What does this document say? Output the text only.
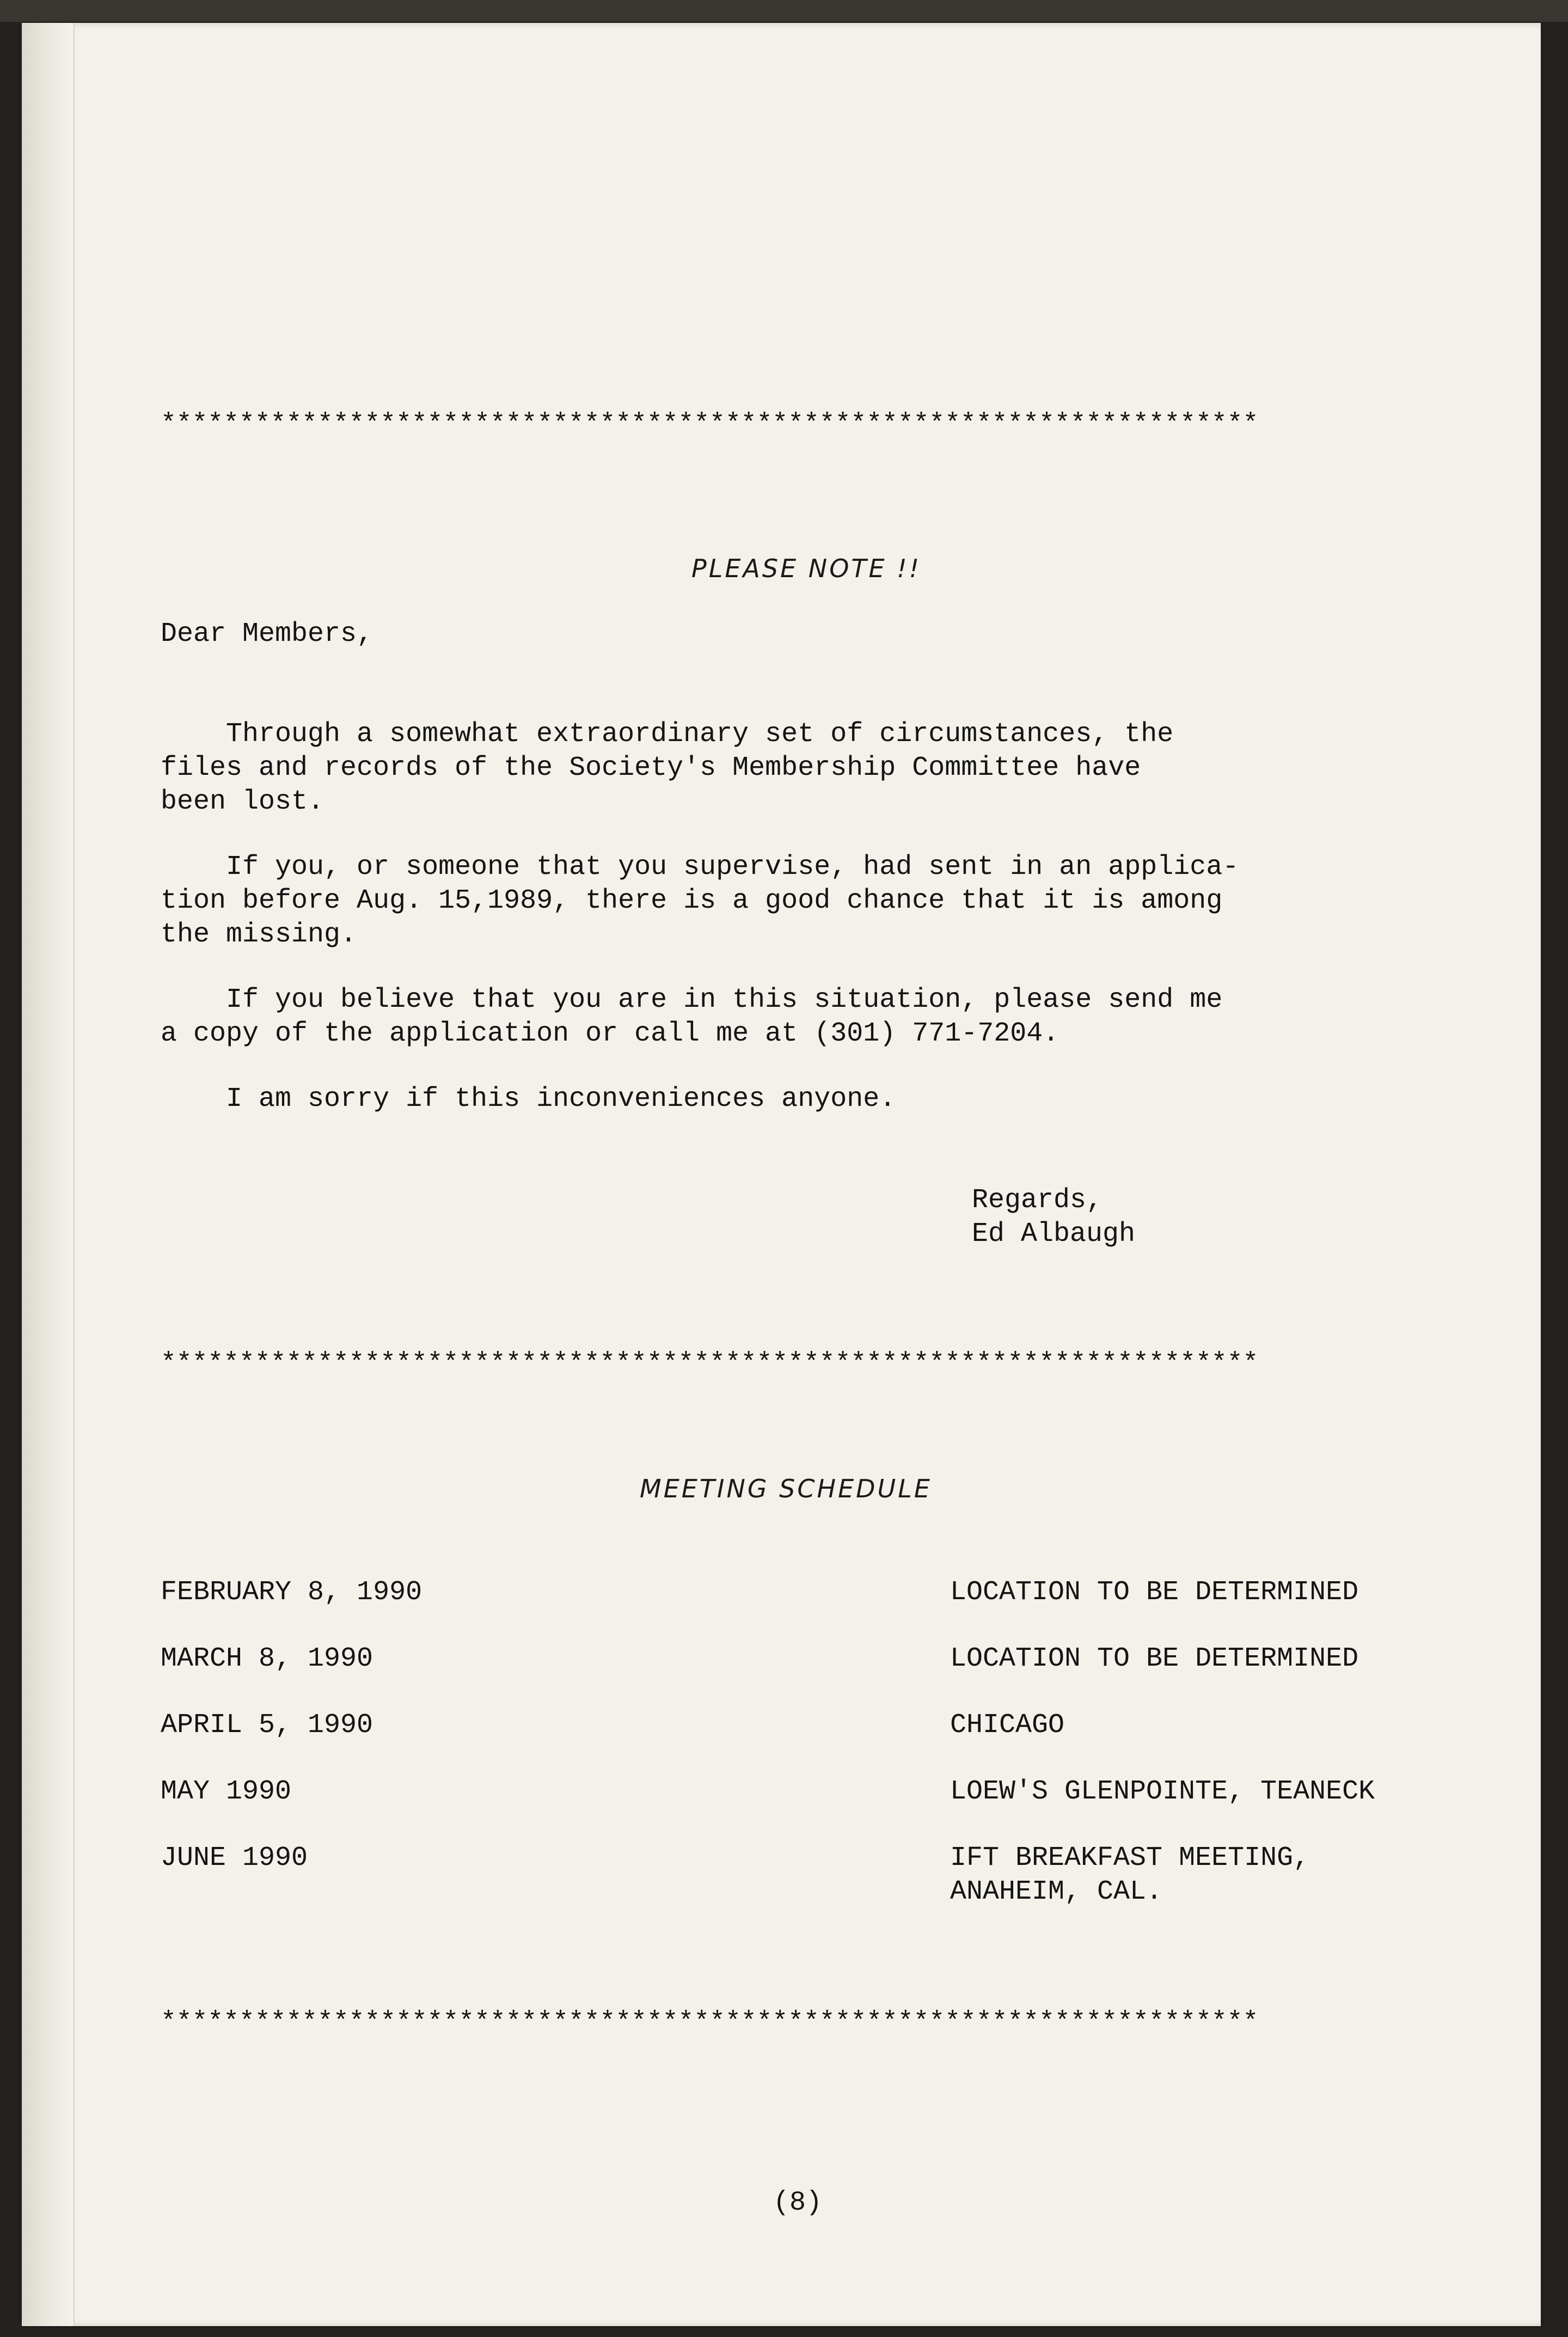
**********************************************************************
PLEASE NOTE !!
Dear Members,
Through a somewhat extraordinary set of circumstances, the
files and records of the Society's Membership Committee have
been lost.
If you, or someone that you supervise, had sent in an applica-
tion before Aug. 15,1989, there is a good chance that it is among
the missing.
If you believe that you are in this situation, please send me
a copy of the application or call me at (301) 771-7204.
I am sorry if this inconveniences anyone.
Regards,
Ed Albaugh
**********************************************************************
MEETING SCHEDULE
FEBRUARY 8, 1990	LOCATION TO BE DETERMINED
MARCH 8, 1990	LOCATION TO BE DETERMINED
APRIL 5, 1990	CHICAGO
MAY 1990	LOEW'S GLENPOINTE, TEANECK
JUNE 1990	IFT BREAKFAST MEETING,
ANAHEIM, CAL.
**********************************************************************
(8)
